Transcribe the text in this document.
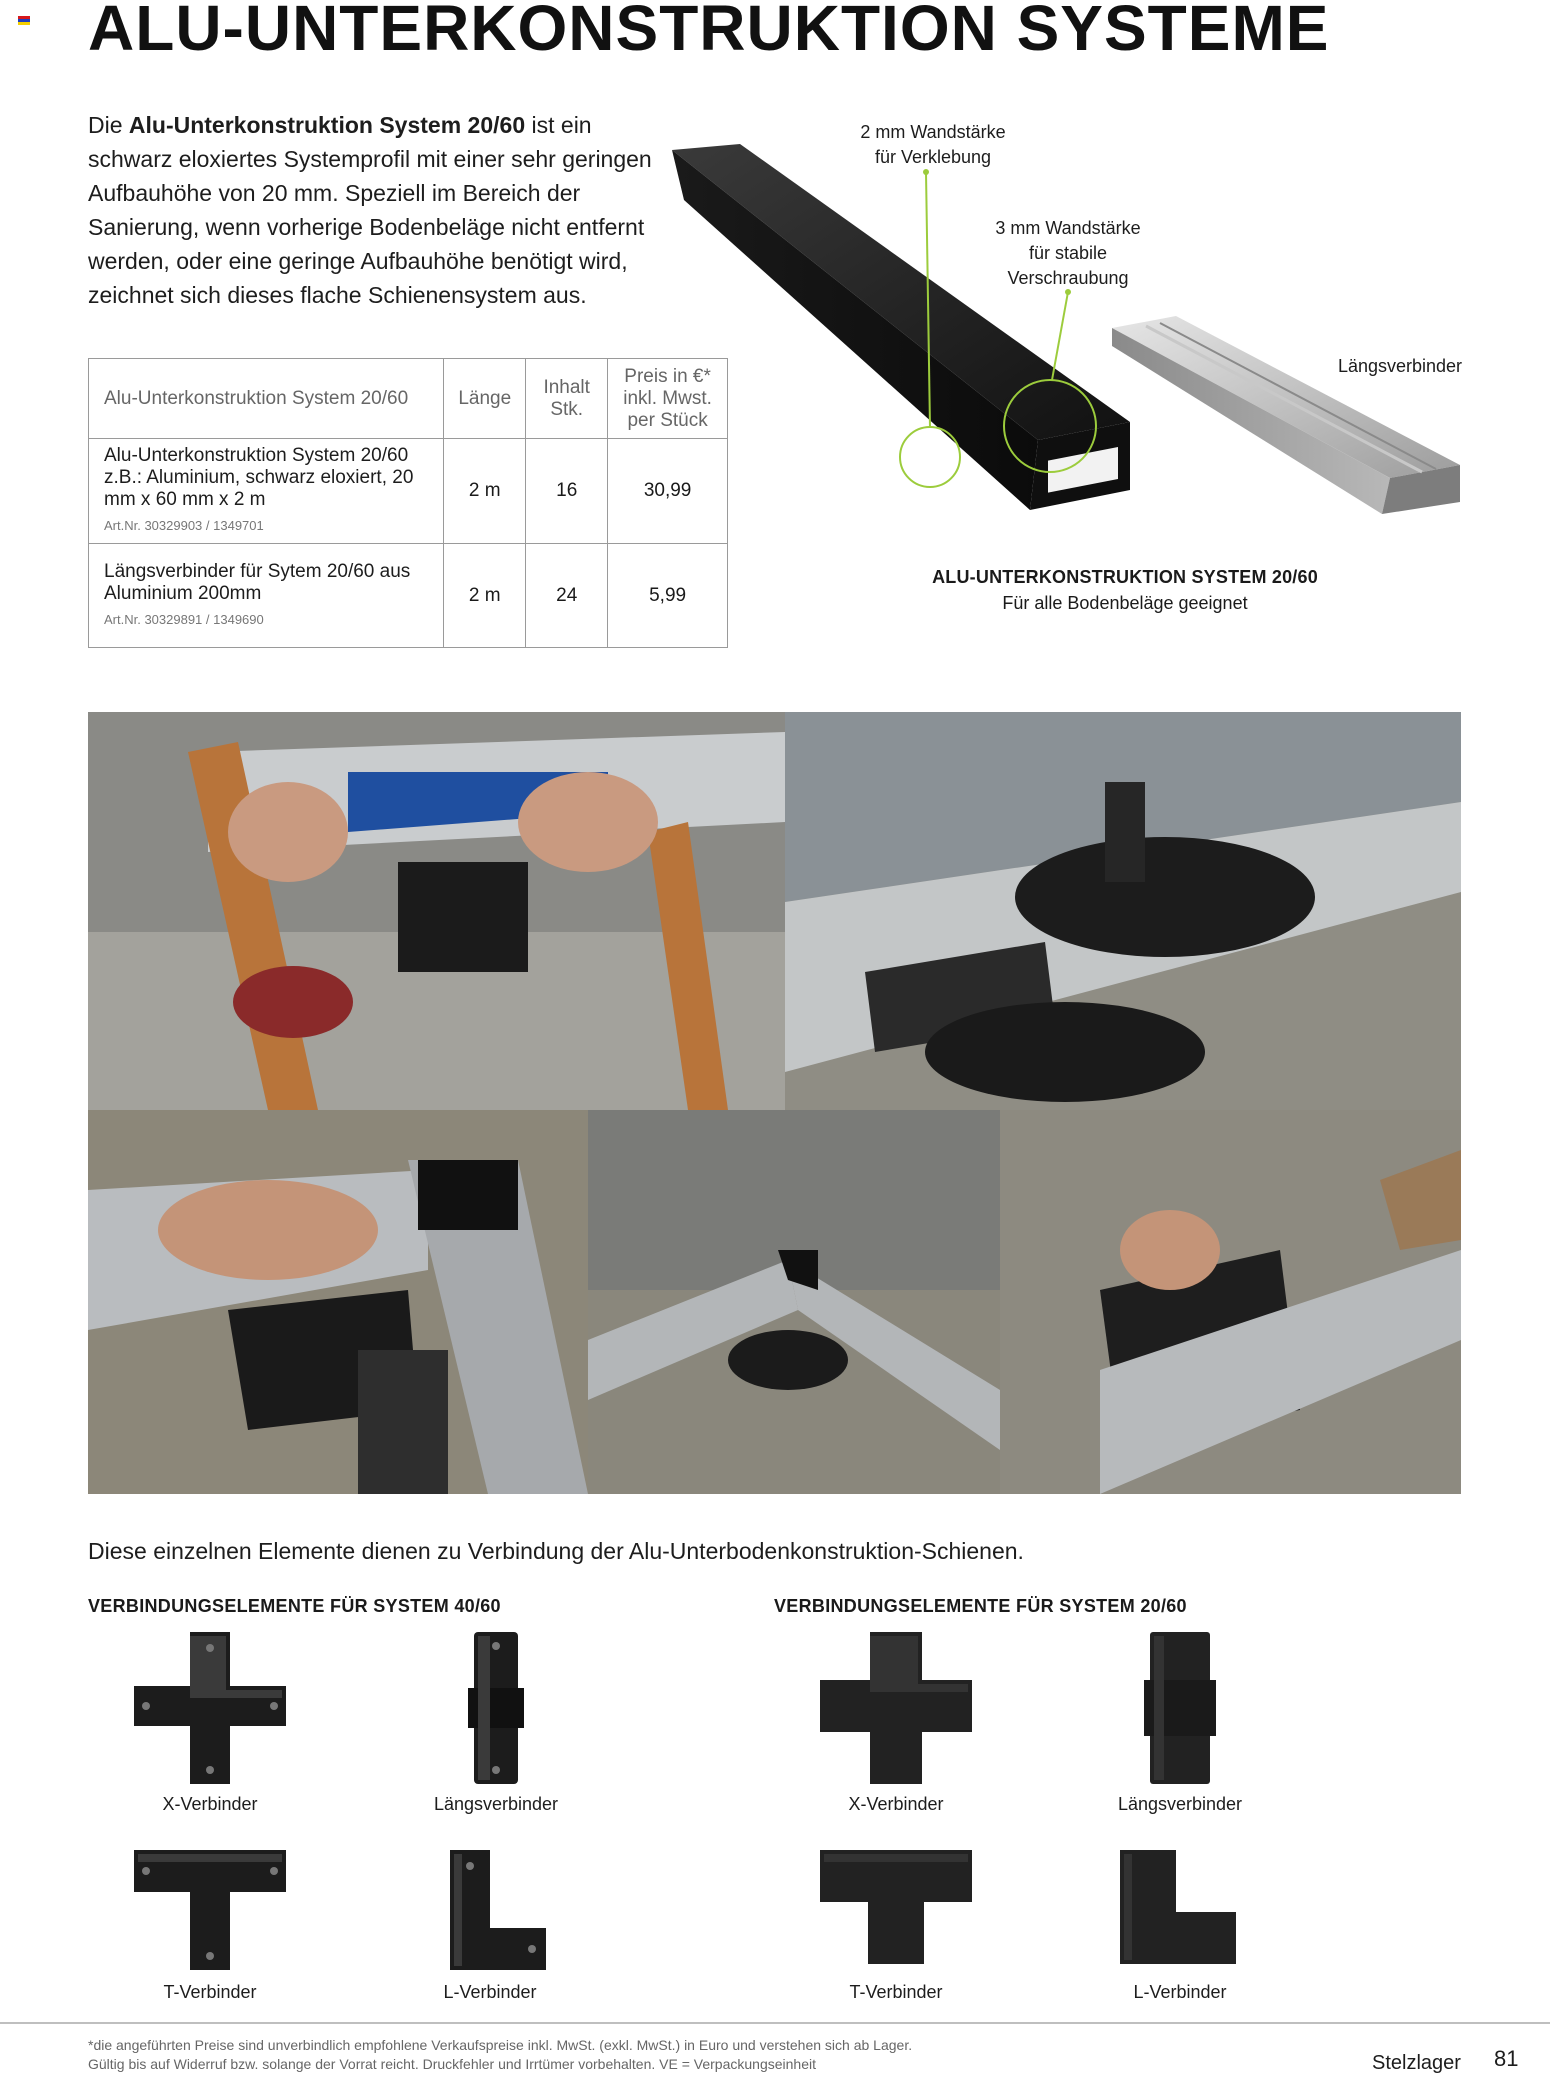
ALU-UNTERKONSTRUKTION SYSTEME

Die Alu-Unterkonstruktion System 20/60 ist ein schwarz eloxiertes Systemprofil mit einer sehr geringen Aufbauhöhe von 20 mm. Speziell im Bereich der Sanierung, wenn vorherige Bodenbeläge nicht entfernt werden, oder eine geringe Aufbauhöhe benötigt wird, zeichnet sich dieses flache Schienensystem aus.

Alu-Unterkonstruktion System 20/60	Länge	Inhalt Stk.	Preis in €* inkl. Mwst. per Stück
Alu-Unterkonstruktion System 20/60 z.B.: Aluminium, schwarz eloxiert, 20 mm x 60 mm x 2 m
Art.Nr. 30329903 / 1349701	2 m	16	30,99
Längsverbinder für Sytem 20/60 aus Aluminium 200mm
Art.Nr. 30329891 / 1349690	2 m	24	5,99
2 mm Wandstärke
für Verklebung
3 mm Wandstärke
für stabile
Verschraubung
Längsverbinder
ALU-UNTERKONSTRUKTION SYSTEM 20/60
Für alle Bodenbeläge geeignet

Diese einzelnen Elemente dienen zu Verbindung der Alu-Unterbodenkonstruktion-Schienen.

VERBINDUNGSELEMENTE FÜR SYSTEM 40/60	VERBINDUNGSELEMENTE FÜR SYSTEM 20/60
X-Verbinder	Längsverbinder
T-Verbinder	L-Verbinder
X-Verbinder	Längsverbinder
T-Verbinder	L-Verbinder
*die angeführten Preise sind unverbindlich empfohlene Verkaufspreise inkl. MwSt. (exkl. MwSt.) in Euro und verstehen sich ab Lager.
Gültig bis auf Widerruf bzw. solange der Vorrat reicht. Druckfehler und Irrtümer vorbehalten. VE = Verpackungseinheit	Stelzlager 81
